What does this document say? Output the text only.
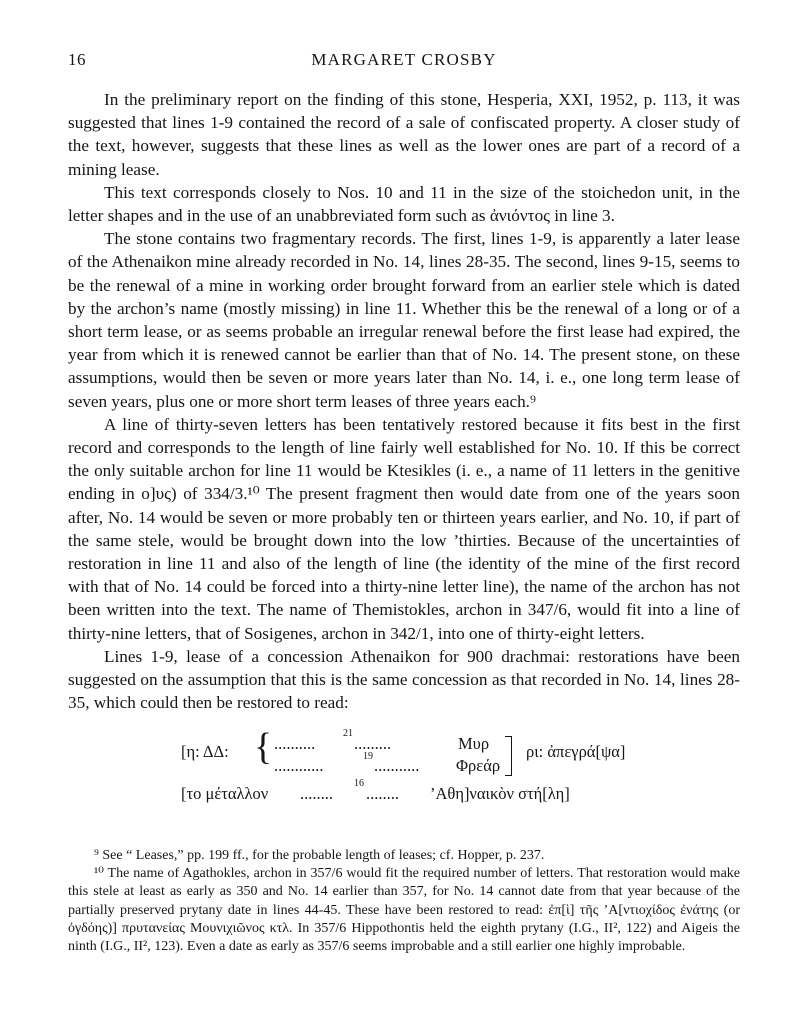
16	MARGARET CROSBY

In the preliminary report on the finding of this stone, Hesperia, XXI, 1952, p. 113, it was suggested that lines 1-9 contained the record of a sale of confiscated property. A closer study of the text, however, suggests that these lines as well as the lower ones are part of a record of a mining lease.

This text corresponds closely to Nos. 10 and 11 in the size of the stoichedon unit, in the letter shapes and in the use of an unabbreviated form such as ἀνιόντος in line 3.

The stone contains two fragmentary records. The first, lines 1-9, is apparently a later lease of the Athenaikon mine already recorded in No. 14, lines 28-35. The second, lines 9-15, seems to be the renewal of a mine in working order brought forward from an earlier stele which is dated by the archon’s name (mostly missing) in line 11. Whether this be the renewal of a long or of a short term lease, or as seems probable an irregular renewal before the first lease had expired, the year from which it is renewed cannot be earlier than that of No. 14. The present stone, on these assumptions, would then be seven or more years later than No. 14, i. e., one long term lease of seven years, plus one or more short term leases of three years each.⁹

A line of thirty-seven letters has been tentatively restored because it fits best in the first record and corresponds to the length of line fairly well established for No. 10. If this be correct the only suitable archon for line 11 would be Ktesikles (i. e., a name of 11 letters in the genitive ending in ο]υς) of 334/3.¹⁰ The present fragment then would date from one of the years soon after, No. 14 would be seven or more probably ten or thirteen years earlier, and No. 10, if part of the same stele, would be brought down into the low ’thirties. Because of the uncertainties of restoration in line 11 and also of the length of line (the identity of the mine of the first record with that of No. 14 could be forced into a thirty-nine letter line), the name of the archon has not been written into the text. The name of Themistokles, archon in 347/6, would fit into a line of thirty-nine letters, that of Sosigenes, archon in 342/1, into one of thirty-eight letters.

Lines 1-9, lease of a concession Athenaikon for 900 drachmai: restorations have been suggested on the assumption that this is the same concession as that recorded in No. 14, lines 28-35, which could then be restored to read:

[η: ΔΔ: { ..........
21
.........	Μυρ
............	19 ........... Φρεάρ
ρι: ἀπεγρά[ψα]
[το μέταλλον ........
16
........ ’Αθη]ναικὸν στή[λη]

⁹ See “ Leases,” pp. 199 ff., for the probable length of leases; cf. Hopper, p. 237.

¹⁰ The name of Agathokles, archon in 357/6 would fit the required number of letters. That restoration would make this stele at least as early as 350 and No. 14 earlier than 357, for No. 14 cannot date from that year because of the partially preserved prytany date in lines 44-45. These have been restored to read: ἐπ[ὶ] τῆς ’Α[ντιοχίδος ἐνάτης (or ὀγδόης)] πρυτανείας Μουνιχιῶνος κτλ. In 357/6 Hippothontis held the eighth prytany (I.G., II², 122) and Aigeis the ninth (I.G., II², 123). Even a date as early as 357/6 seems improbable and a still earlier one highly improbable.
